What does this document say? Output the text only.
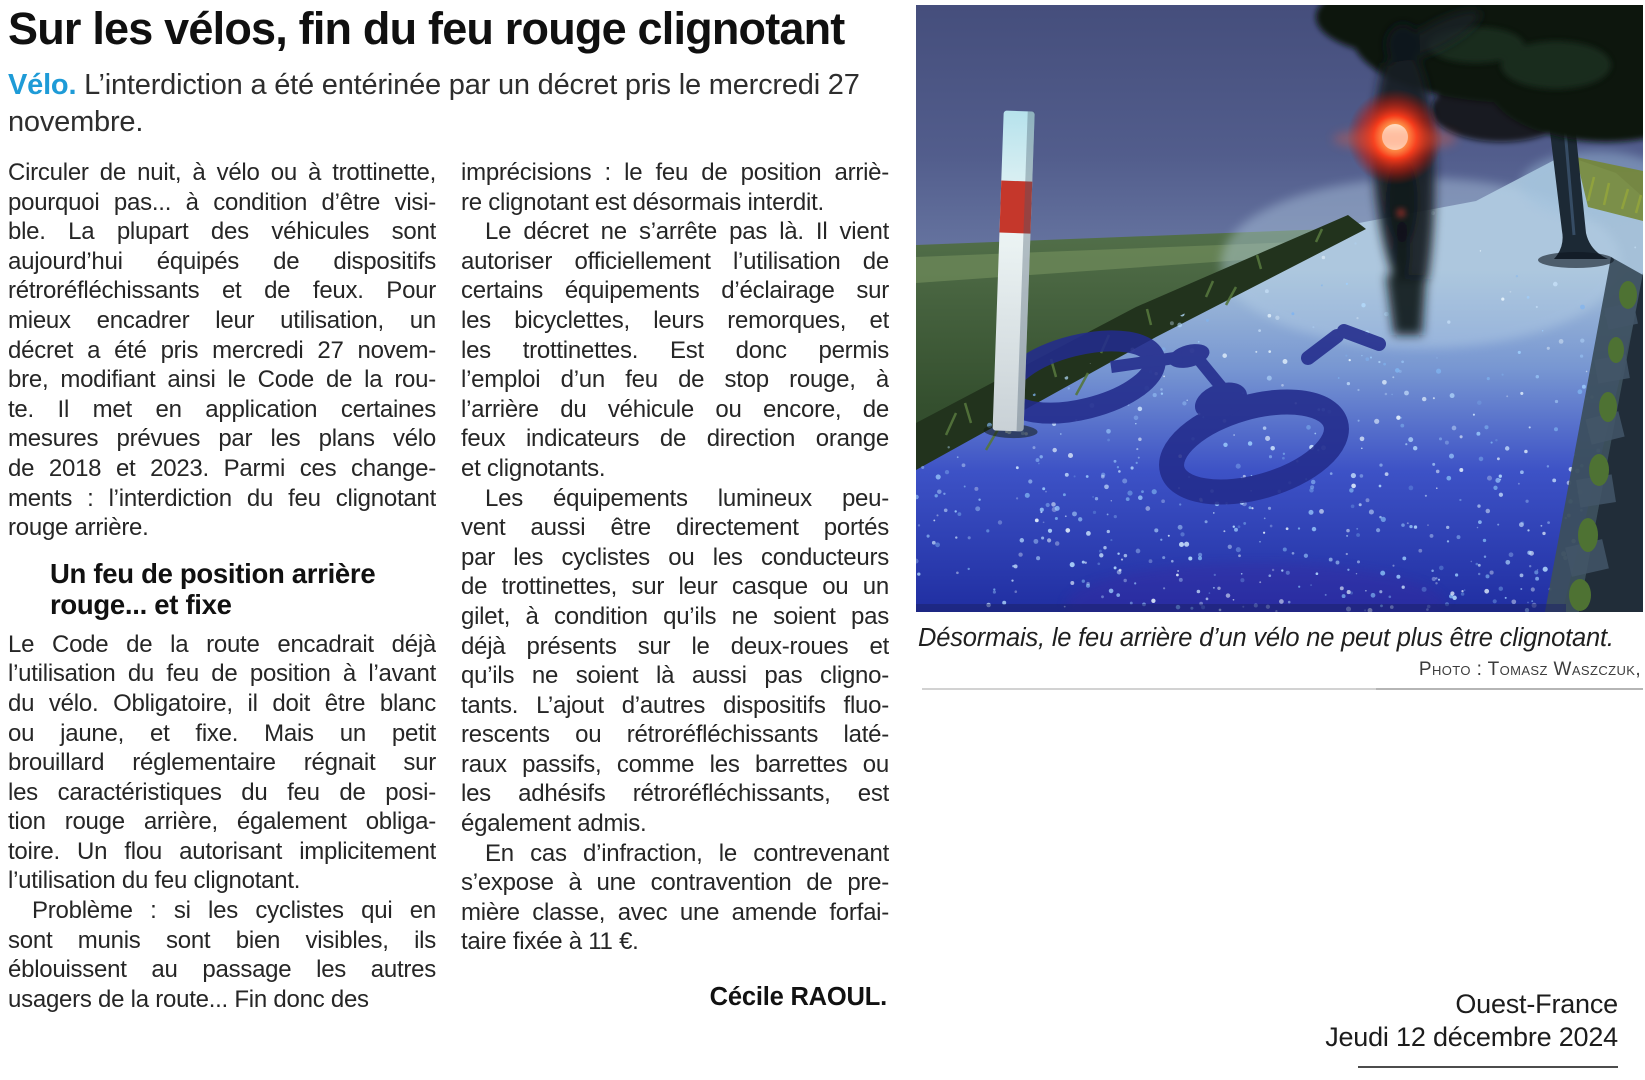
Sur les vélos, fin du feu rouge clignotant

Vélo. L’interdiction a été entérinée par un décret pris le mercredi 27 novembre.

Circuler de nuit, à vélo ou à trottinette,
pourquoi pas... à condition d’être visi-
ble. La plupart des véhicules sont
aujourd’hui équipés de dispositifs
rétroréfléchissants et de feux. Pour
mieux encadrer leur utilisation, un
décret a été pris mercredi 27 novem-
bre, modifiant ainsi le Code de la rou-
te. Il met en application certaines
mesures prévues par les plans vélo
de 2018 et 2023. Parmi ces change-
ments : l’interdiction du feu clignotant
rouge arrière.
Un feu de position arrière
rouge... et fixe
Le Code de la route encadrait déjà
l’utilisation du feu de position à l’avant
du vélo. Obligatoire, il doit être blanc
ou jaune, et fixe. Mais un petit
brouillard réglementaire régnait sur
les caractéristiques du feu de posi-
tion rouge arrière, également obliga-
toire. Un flou autorisant implicitement
l’utilisation du feu clignotant.
Problème : si les cyclistes qui en
sont munis sont bien visibles, ils
éblouissent au passage les autres
usagers de la route... Fin donc des
imprécisions : le feu de position arriè-
re clignotant est désormais interdit.
Le décret ne s’arrête pas là. Il vient
autoriser officiellement l’utilisation de
certains équipements d’éclairage sur
les bicyclettes, leurs remorques, et
les trottinettes. Est donc permis
l’emploi d’un feu de stop rouge, à
l’arrière du véhicule ou encore, de
feux indicateurs de direction orange
et clignotants.
Les équipements lumineux peu-
vent aussi être directement portés
par les cyclistes ou les conducteurs
de trottinettes, sur leur casque ou un
gilet, à condition qu’ils ne soient pas
déjà présents sur le deux-roues et
qu’ils ne soient là aussi pas cligno-
tants. L’ajout d’autres dispositifs fluo-
rescents ou rétroréfléchissants laté-
raux passifs, comme les barrettes ou
les adhésifs rétroréfléchissants, est
également admis.
En cas d’infraction, le contrevenant
s’expose à une contravention de pre-
mière classe, avec une amende forfai-
taire fixée à 11 €.

Cécile RAOUL.

Désormais, le feu arrière d’un vélo ne peut plus être clignotant.

Photo : Tomasz Waszczuk,

Ouest-France
Jeudi 12 décembre 2024
